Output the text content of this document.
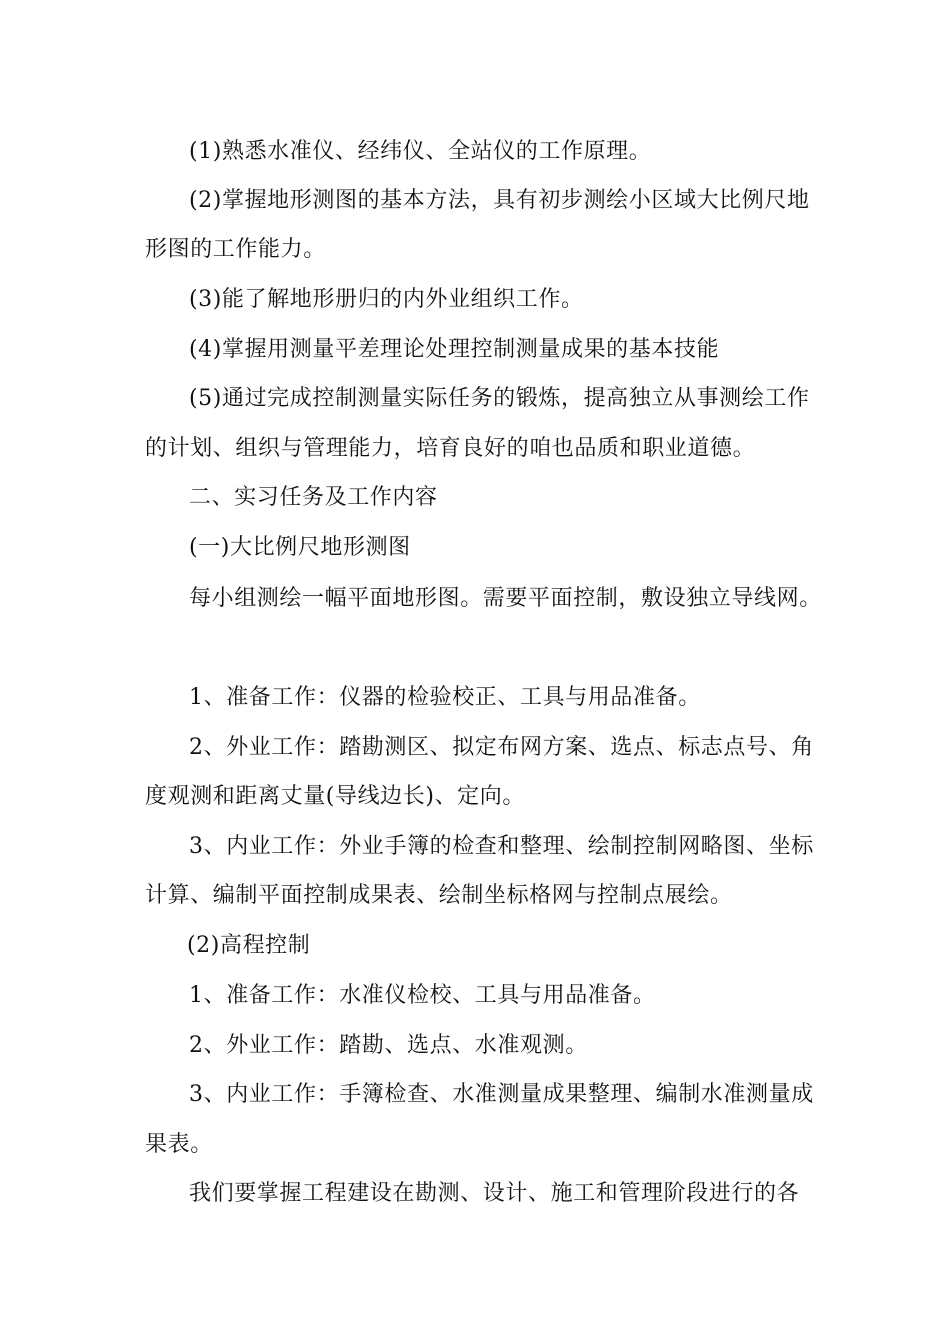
(1)熟悉水准仪、经纬仪、全站仪的工作原理。
(2)掌握地形测图的基本方法，具有初步测绘小区域大比例尺地
形图的工作能力。
(3)能了解地形册归的内外业组织工作。
(4)掌握用测量平差理论处理控制测量成果的基本技能
(5)通过完成控制测量实际任务的锻炼，提高独立从事测绘工作
的计划、组织与管理能力，培育良好的咱也品质和职业道德。
二、实习任务及工作内容
(一)大比例尺地形测图
每小组测绘一幅平面地形图。需要平面控制，敷设独立导线网。
1、准备工作：仪器的检验校正、工具与用品准备。
2、外业工作：踏勘测区、拟定布网方案、选点、标志点号、角
度观测和距离丈量(导线边长)、定向。
3、内业工作：外业手簿的检查和整理、绘制控制网略图、坐标
计算、编制平面控制成果表、绘制坐标格网与控制点展绘。
(2)高程控制
1、准备工作：水准仪检校、工具与用品准备。
2、外业工作：踏勘、选点、水准观测。
3、内业工作：手簿检查、水准测量成果整理、编制水准测量成
果表。
我们要掌握工程建设在勘测、设计、施工和管理阶段进行的各
